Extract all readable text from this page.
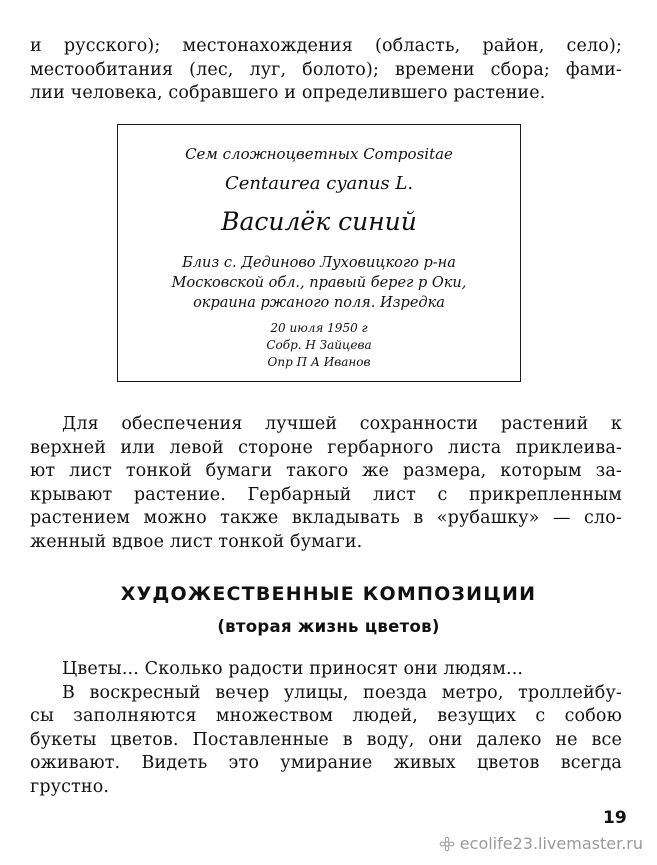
и русского); местонахождения (область, район, село);
местообитания (лес, луг, болото); времени сбора; фами-
лии человека, собравшего и определившего растение.
Сем сложноцветных Compositae
Centaurea cyanus L.
Василёк синий
Близ с. Дединово Луховицкого р-на
Московской обл., правый берег р Оки,
окраина ржаного поля. Изредка
20 июля 1950 г
Собр. Н Зайцева
Опр П А Иванов
Для обеспечения лучшей сохранности растений к
верхней или левой стороне гербарного листа приклеива-
ют лист тонкой бумаги такого же размера, которым за-
крывают растение. Гербарный лист с прикрепленным
растением можно также вкладывать в «рубашку» — сло-
женный вдвое лист тонкой бумаги.
ХУДОЖЕСТВЕННЫЕ КОМПОЗИЦИИ
(вторая жизнь цветов)
Цветы... Сколько радости приносят они людям...
В воскресный вечер улицы, поезда метро, троллейбу-
сы заполняются множеством людей, везущих с собою
букеты цветов. Поставленные в воду, они далеко не все
оживают. Видеть это умирание живых цветов всегда
грустно.
19
ecolife23.livemaster.ru
